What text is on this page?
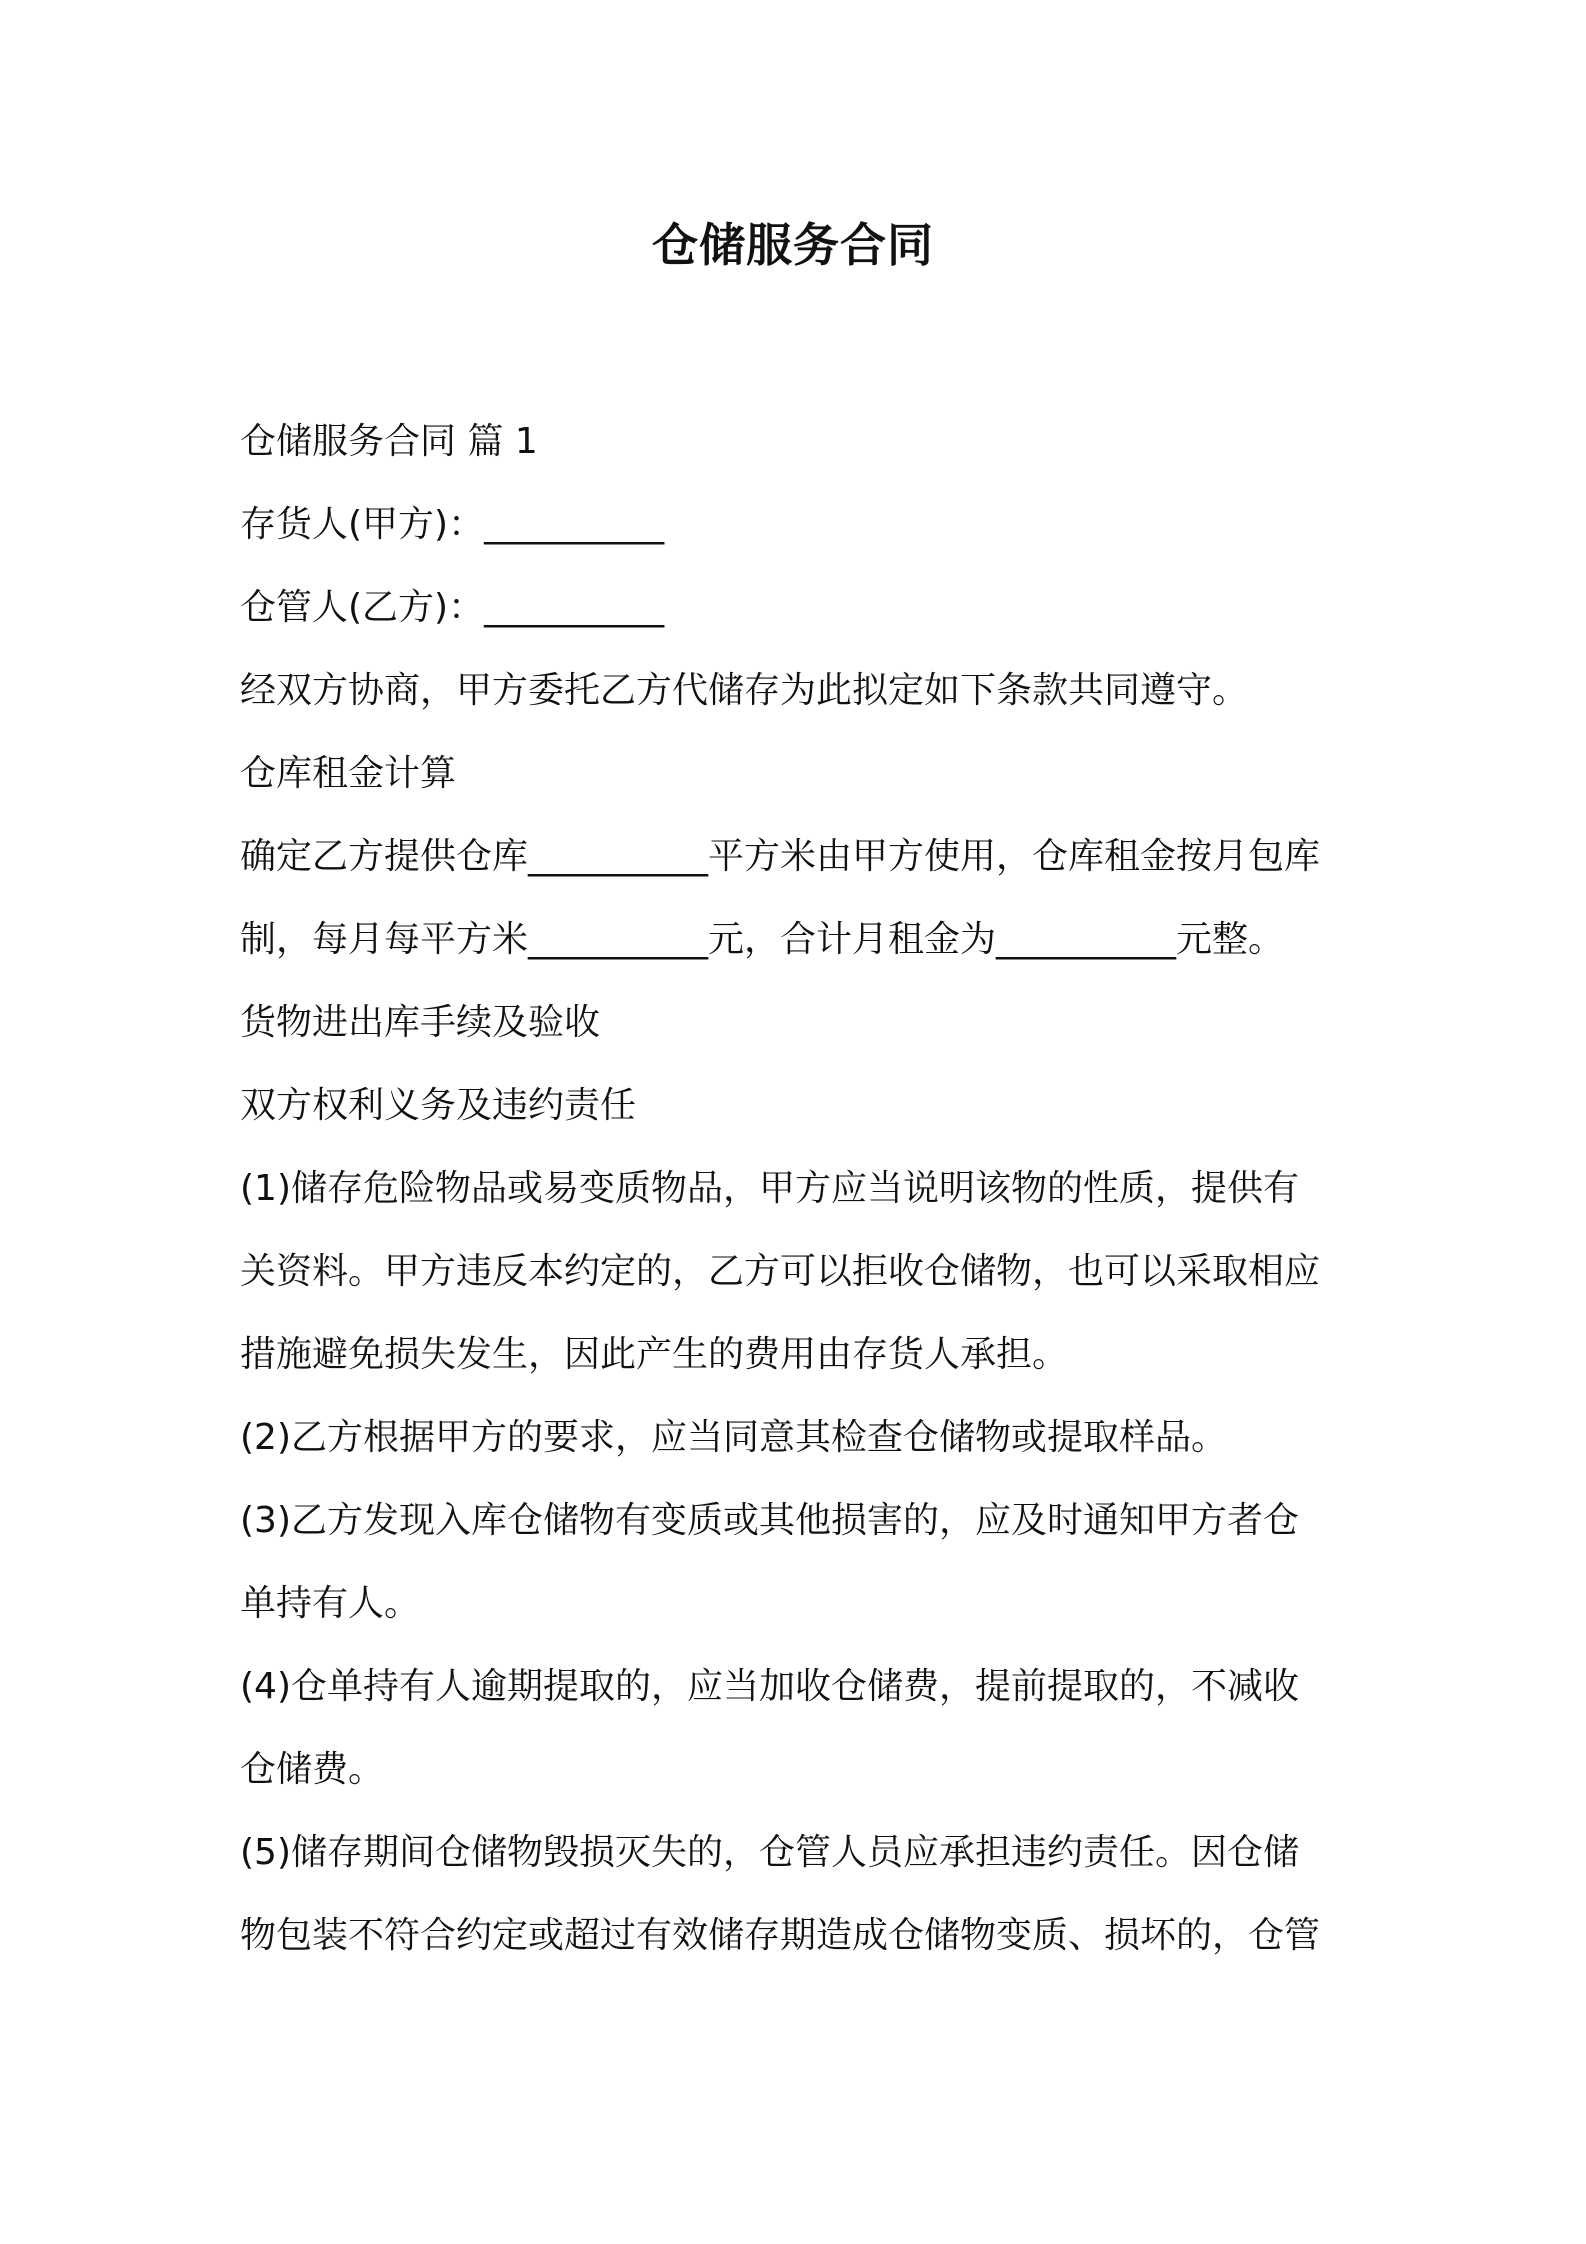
仓储服务合同
仓储服务合同 篇 1
存货人(甲方)：__________
仓管人(乙方)：__________
经双方协商，甲方委托乙方代储存为此拟定如下条款共同遵守。
仓库租金计算
确定乙方提供仓库__________平方米由甲方使用，仓库租金按月包库
制，每月每平方米__________元，合计月租金为__________元整。
货物进出库手续及验收
双方权利义务及违约责任
(1)储存危险物品或易变质物品，甲方应当说明该物的性质，提供有
关资料。甲方违反本约定的，乙方可以拒收仓储物，也可以采取相应
措施避免损失发生，因此产生的费用由存货人承担。
(2)乙方根据甲方的要求，应当同意其检查仓储物或提取样品。
(3)乙方发现入库仓储物有变质或其他损害的，应及时通知甲方者仓
单持有人。
(4)仓单持有人逾期提取的，应当加收仓储费，提前提取的，不减收
仓储费。
(5)储存期间仓储物毁损灭失的，仓管人员应承担违约责任。因仓储
物包装不符合约定或超过有效储存期造成仓储物变质、损坏的，仓管
